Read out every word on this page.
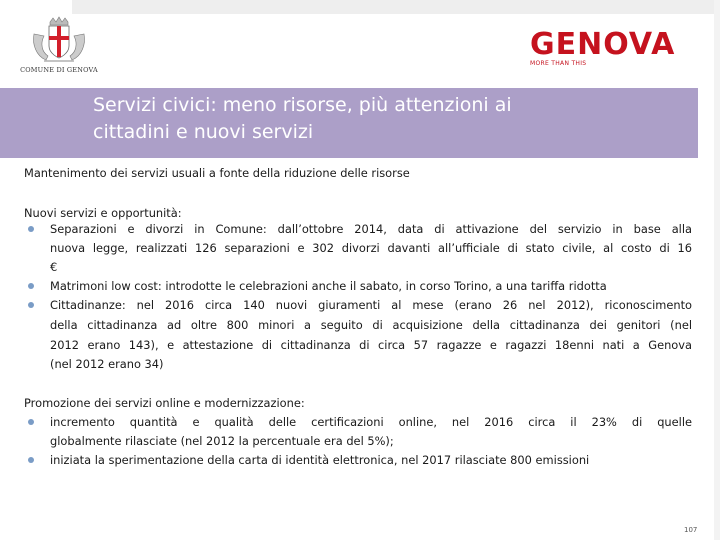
COMUNE DI GENOVA
GENOVA
MORE THAN THIS
Servizi civici: meno risorse, più attenzioni ai
cittadini e nuovi servizi
Mantenimento dei servizi usuali a fonte della riduzione delle risorse
Nuovi servizi e opportunità:
Separazioni e divorzi in Comune: dall’ottobre 2014, data di attivazione del servizio in base alla
nuova legge, realizzati 126 separazioni e 302 divorzi davanti all’ufficiale di stato civile, al costo di 16
€
Matrimoni low cost: introdotte le celebrazioni anche il sabato, in corso Torino, a una tariffa ridotta
Cittadinanze: nel 2016 circa 140 nuovi giuramenti al mese (erano 26 nel 2012), riconoscimento
della cittadinanza ad oltre 800 minori a seguito di acquisizione della cittadinanza dei genitori (nel
2012 erano 143), e attestazione di cittadinanza di circa 57 ragazze e ragazzi 18enni nati a Genova
(nel 2012 erano 34)
Promozione dei servizi online e modernizzazione:
incremento quantità e qualità delle certificazioni online, nel 2016 circa il 23% di quelle
globalmente rilasciate (nel 2012 la percentuale era del 5%);
iniziata la sperimentazione della carta di identità elettronica, nel 2017 rilasciate 800 emissioni
107
